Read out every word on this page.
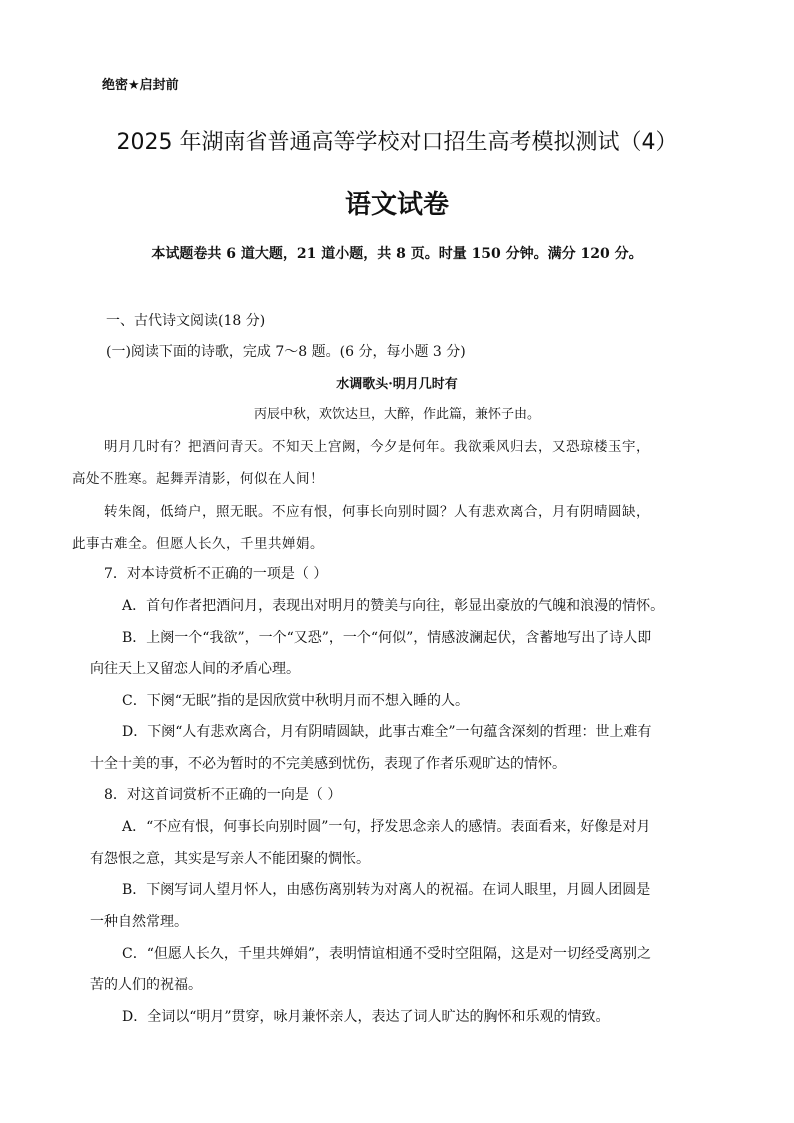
绝密★启封前
2025 年湖南省普通高等学校对口招生高考模拟测试（4）
语文试卷
本试题卷共 6 道大题，21 道小题，共 8 页。时量 150 分钟。满分 120 分。
一、古代诗文阅读(18 分)
(一)阅读下面的诗歌，完成 7～8 题。(6 分，每小题 3 分)
水调歌头·明月几时有
丙辰中秋，欢饮达旦，大醉，作此篇，兼怀子由。
明月几时有？把酒问青天。不知天上宫阙，今夕是何年。我欲乘风归去，又恐琼楼玉宇，
高处不胜寒。起舞弄清影，何似在人间！
转朱阁，低绮户，照无眠。不应有恨，何事长向别时圆？人有悲欢离合，月有阴晴圆缺，
此事古难全。但愿人长久，千里共婵娟。
7．对本诗赏析不正确的一项是（ ）
A．首句作者把酒问月，表现出对明月的赞美与向往，彰显出豪放的气魄和浪漫的情怀。
B．上阕一个“我欲”，一个“又恐”，一个“何似”，情感波澜起伏，含蓄地写出了诗人即
向往天上又留恋人间的矛盾心理。
C．下阕“无眠”指的是因欣赏中秋明月而不想入睡的人。
D．下阕“人有悲欢离合，月有阴晴圆缺，此事古难全”一句蕴含深刻的哲理：世上难有
十全十美的事，不必为暂时的不完美感到忧伤，表现了作者乐观旷达的情怀。
8．对这首词赏析不正确的一向是（ ）
A．“不应有恨，何事长向别时圆”一句，抒发思念亲人的感情。表面看来，好像是对月
有怨恨之意，其实是写亲人不能团聚的惆怅。
B．下阕写词人望月怀人，由感伤离别转为对离人的祝福。在词人眼里，月圆人团圆是
一种自然常理。
C．“但愿人长久，千里共婵娟”，表明情谊相通不受时空阻隔，这是对一切经受离别之
苦的人们的祝福。
D．全词以“明月”贯穿，咏月兼怀亲人，表达了词人旷达的胸怀和乐观的情致。
